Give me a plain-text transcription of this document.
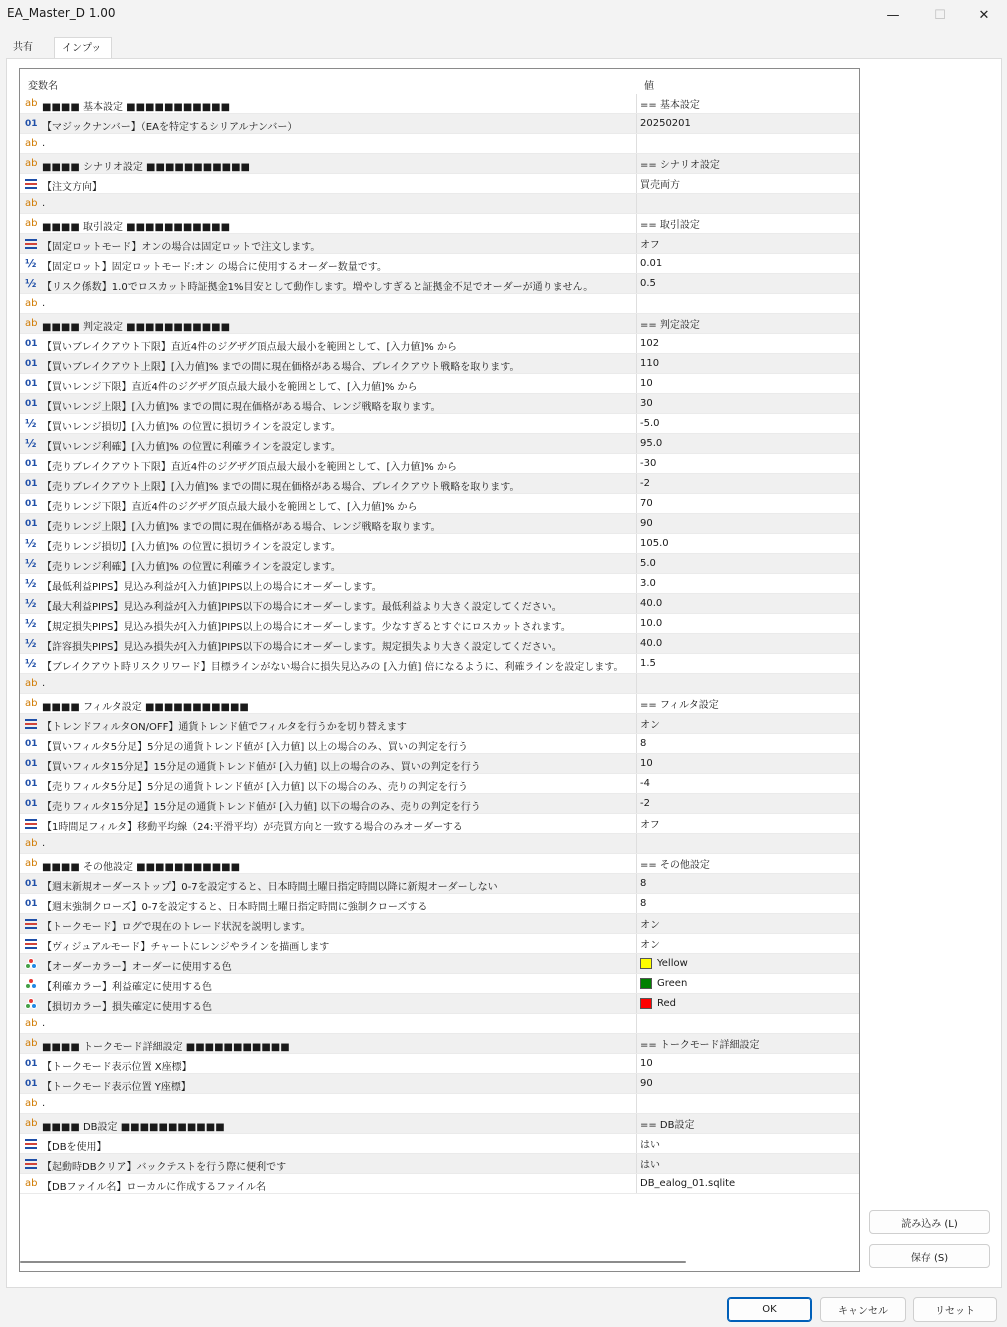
EA_Master_D 1.00	—	☐	✕
共有	インプッ
変数名	値
ab ■■■■ 基本設定 ■■■■■■■■■■■	== 基本設定
01 【マジックナンバー】（EAを特定するシリアルナンバー）	20250201
ab .
ab ■■■■ シナリオ設定 ■■■■■■■■■■■	== シナリオ設定
【注文方向】	買売両方
ab .
ab ■■■■ 取引設定 ■■■■■■■■■■■	== 取引設定
【固定ロットモード】オンの場合は固定ロットで注文します。	オフ
½ 【固定ロット】固定ロットモード:オン の場合に使用するオーダー数量です。	0.01
½ 【リスク係数】1.0でロスカット時証拠金1%目安として動作します。増やしすぎると証拠金不足でオーダーが通りません。	0.5
ab .
ab ■■■■ 判定設定 ■■■■■■■■■■■	== 判定設定
01 【買いブレイクアウト下限】直近4件のジグザグ頂点最大最小を範囲として、[入力値]% から	102
01 【買いブレイクアウト上限】[入力値]% までの間に現在価格がある場合、ブレイクアウト戦略を取ります。	110
01 【買いレンジ下限】直近4件のジグザグ頂点最大最小を範囲として、[入力値]% から	10
01 【買いレンジ上限】[入力値]% までの間に現在価格がある場合、レンジ戦略を取ります。	30
½ 【買いレンジ損切】[入力値]% の位置に損切ラインを設定します。	-5.0
½ 【買いレンジ利確】[入力値]% の位置に利確ラインを設定します。	95.0
01 【売りブレイクアウト下限】直近4件のジグザグ頂点最大最小を範囲として、[入力値]% から	-30
01 【売りブレイクアウト上限】[入力値]% までの間に現在価格がある場合、ブレイクアウト戦略を取ります。	-2
01 【売りレンジ下限】直近4件のジグザグ頂点最大最小を範囲として、[入力値]% から	70
01 【売りレンジ上限】[入力値]% までの間に現在価格がある場合、レンジ戦略を取ります。	90
½ 【売りレンジ損切】[入力値]% の位置に損切ラインを設定します。	105.0
½ 【売りレンジ利確】[入力値]% の位置に利確ラインを設定します。	5.0
½ 【最低利益PIPS】見込み利益が[入力値]PIPS以上の場合にオーダーします。	3.0
½ 【最大利益PIPS】見込み利益が[入力値]PIPS以下の場合にオーダーします。最低利益より大きく設定してください。	40.0
½ 【規定損失PIPS】見込み損失が[入力値]PIPS以上の場合にオーダーします。少なすぎるとすぐにロスカットされます。	10.0
½ 【許容損失PIPS】見込み損失が[入力値]PIPS以下の場合にオーダーします。規定損失より大きく設定してください。	40.0
½ 【ブレイクアウト時リスクリワード】目標ラインがない場合に損失見込みの [入力値] 倍になるように、利確ラインを設定します。 1.5
ab .
ab ■■■■ フィルタ設定 ■■■■■■■■■■■	== フィルタ設定
【トレンドフィルタON/OFF】通貨トレンド値でフィルタを行うかを切り替えます	オン
01 【買いフィルタ5分足】5分足の通貨トレンド値が [入力値] 以上の場合のみ、買いの判定を行う	8
01 【買いフィルタ15分足】15分足の通貨トレンド値が [入力値] 以上の場合のみ、買いの判定を行う	10
01 【売りフィルタ5分足】5分足の通貨トレンド値が [入力値] 以下の場合のみ、売りの判定を行う	-4
01 【売りフィルタ15分足】15分足の通貨トレンド値が [入力値] 以下の場合のみ、売りの判定を行う	-2
【1時間足フィルタ】移動平均線（24:平滑平均）が売買方向と一致する場合のみオーダーする	オフ
ab .
ab ■■■■ その他設定 ■■■■■■■■■■■	== その他設定
01 【週末新規オーダーストップ】0-7を設定すると、日本時間土曜日指定時間以降に新規オーダーしない	8
01 【週末強制クローズ】0-7を設定すると、日本時間土曜日指定時間に強制クローズする	8
【トークモード】ログで現在のトレード状況を説明します。	オン
【ヴィジュアルモード】チャートにレンジやラインを描画します	オン
【オーダーカラー】オーダーに使用する色	Yellow
【利確カラー】利益確定に使用する色	Green
【損切カラー】損失確定に使用する色	Red
ab .
ab ■■■■ トークモード詳細設定 ■■■■■■■■■■■	== トークモード詳細設定
01 【トークモード表示位置 X座標】	10
01 【トークモード表示位置 Y座標】	90
ab .
ab ■■■■ DB設定 ■■■■■■■■■■■	== DB設定
【DBを使用】	はい
【起動時DBクリア】バックテストを行う際に便利です	はい
ab 【DBファイル名】ローカルに作成するファイル名	DB_ealog_01.sqlite
読み込み (L)
保存 (S)
OK	キャンセル	リセット
